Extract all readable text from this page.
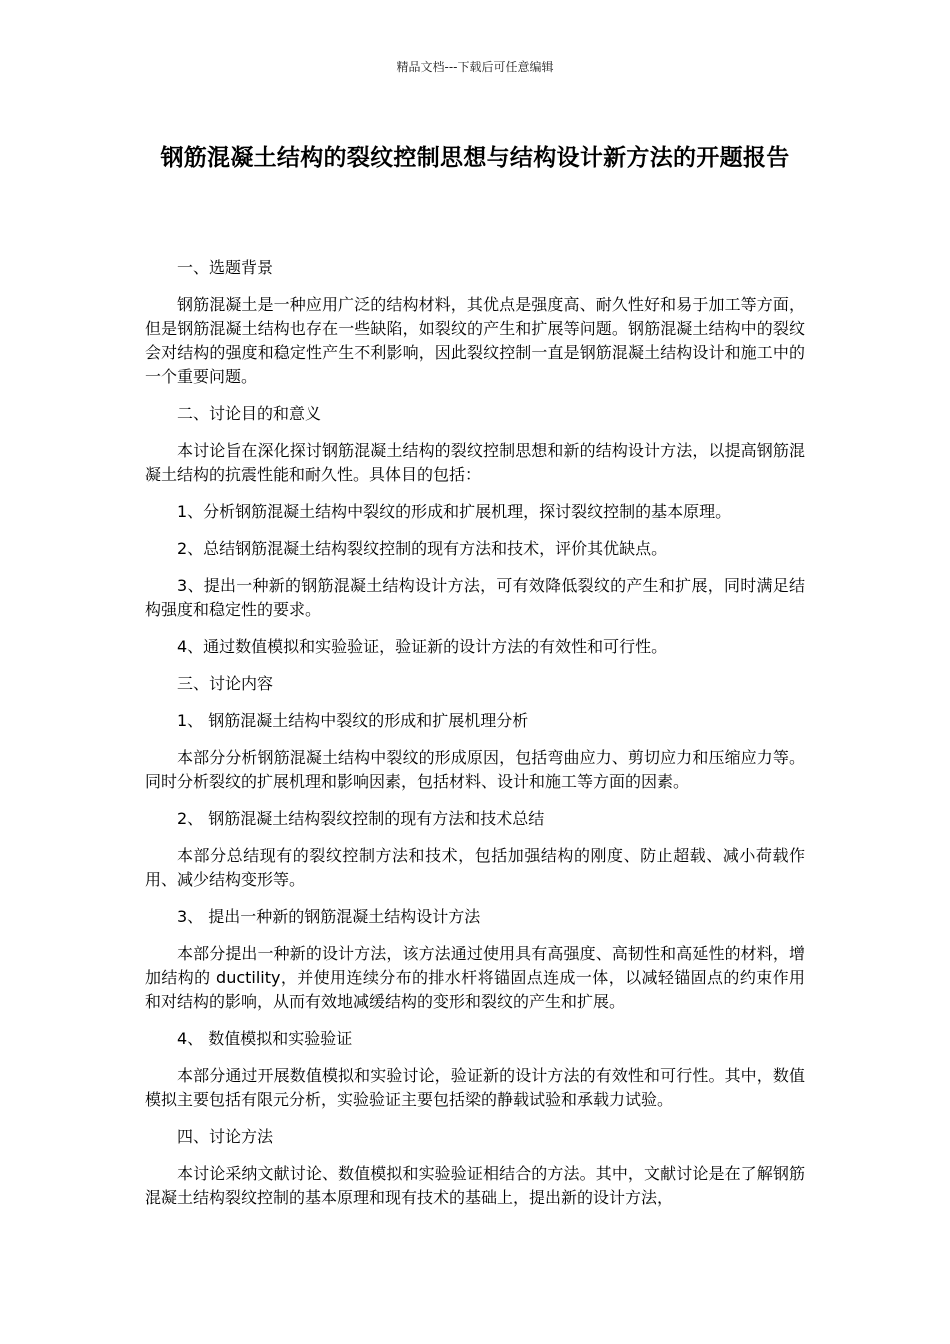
精品文档---下载后可任意编辑
钢筋混凝土结构的裂纹控制思想与结构设计新方法的开题报告
一、选题背景
钢筋混凝土是一种应用广泛的结构材料，其优点是强度高、耐久性好和易于加工等方面，但是钢筋混凝土结构也存在一些缺陷，如裂纹的产生和扩展等问题。钢筋混凝土结构中的裂纹会对结构的强度和稳定性产生不利影响，因此裂纹控制一直是钢筋混凝土结构设计和施工中的一个重要问题。
二、讨论目的和意义
本讨论旨在深化探讨钢筋混凝土结构的裂纹控制思想和新的结构设计方法，以提高钢筋混凝土结构的抗震性能和耐久性。具体目的包括：
1、分析钢筋混凝土结构中裂纹的形成和扩展机理，探讨裂纹控制的基本原理。
2、总结钢筋混凝土结构裂纹控制的现有方法和技术，评价其优缺点。
3、提出一种新的钢筋混凝土结构设计方法，可有效降低裂纹的产生和扩展，同时满足结构强度和稳定性的要求。
4、通过数值模拟和实验验证，验证新的设计方法的有效性和可行性。
三、讨论内容
1、 钢筋混凝土结构中裂纹的形成和扩展机理分析
本部分分析钢筋混凝土结构中裂纹的形成原因，包括弯曲应力、剪切应力和压缩应力等。同时分析裂纹的扩展机理和影响因素，包括材料、设计和施工等方面的因素。
2、 钢筋混凝土结构裂纹控制的现有方法和技术总结
本部分总结现有的裂纹控制方法和技术，包括加强结构的刚度、防止超载、减小荷载作用、减少结构变形等。
3、 提出一种新的钢筋混凝土结构设计方法
本部分提出一种新的设计方法，该方法通过使用具有高强度、高韧性和高延性的材料，增加结构的 ductility，并使用连续分布的排水杆将锚固点连成一体，以减轻锚固点的约束作用和对结构的影响，从而有效地减缓结构的变形和裂纹的产生和扩展。
4、 数值模拟和实验验证
本部分通过开展数值模拟和实验讨论，验证新的设计方法的有效性和可行性。其中，数值模拟主要包括有限元分析，实验验证主要包括梁的静载试验和承载力试验。
四、讨论方法
本讨论采纳文献讨论、数值模拟和实验验证相结合的方法。其中，文献讨论是在了解钢筋混凝土结构裂纹控制的基本原理和现有技术的基础上，提出新的设计方法，
